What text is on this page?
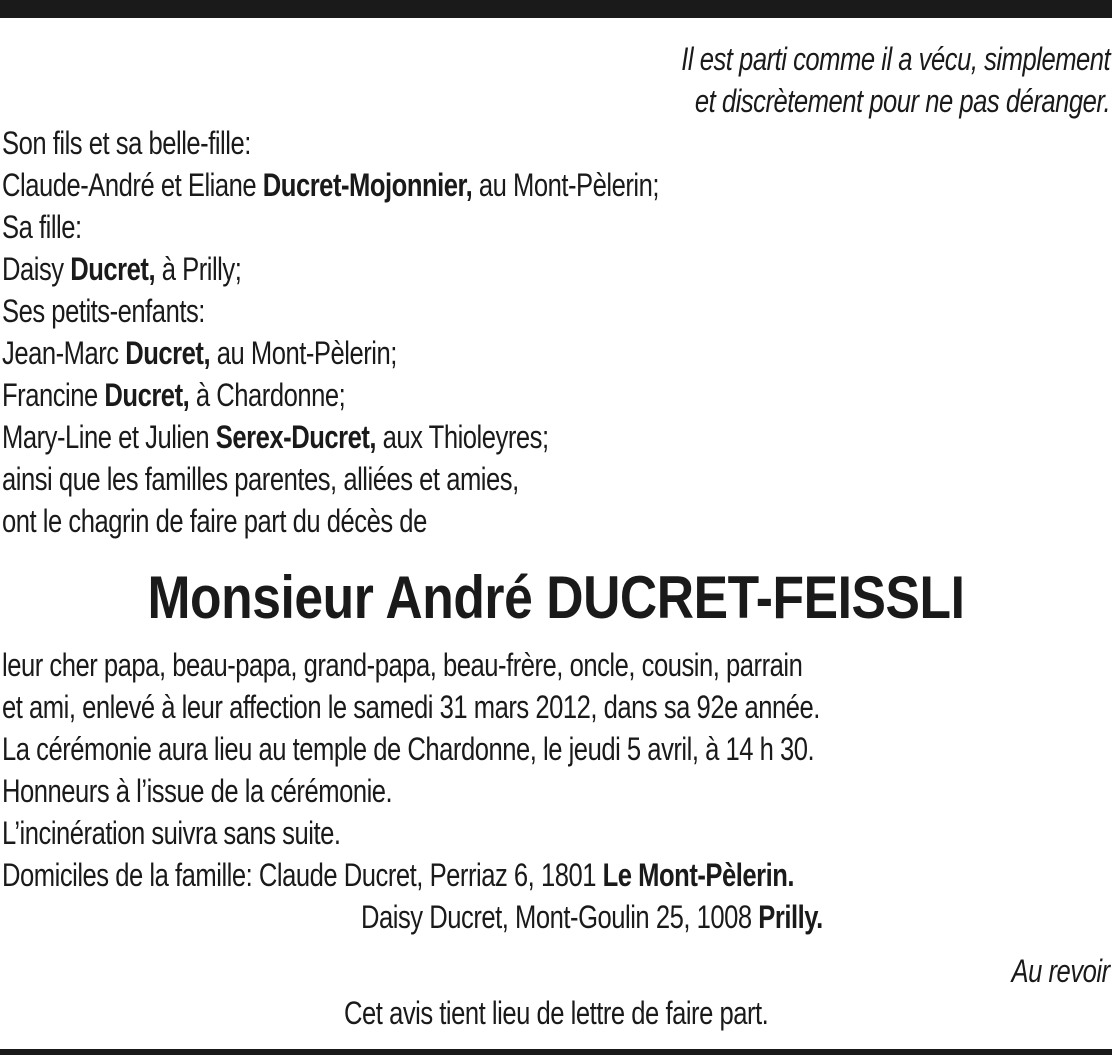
Il est parti comme il a vécu, simplement
et discrètement pour ne pas déranger.
Son fils et sa belle-fille:
Claude-André et Eliane Ducret-Mojonnier, au Mont-Pèlerin;
Sa fille:
Daisy Ducret, à Prilly;
Ses petits-enfants:
Jean-Marc Ducret, au Mont-Pèlerin;
Francine Ducret, à Chardonne;
Mary-Line et Julien Serex-Ducret, aux Thioleyres;
ainsi que les familles parentes, alliées et amies,
ont le chagrin de faire part du décès de
Monsieur André DUCRET-FEISSLI
leur cher papa, beau-papa, grand-papa, beau-frère, oncle, cousin, parrain
et ami, enlevé à leur affection le samedi 31 mars 2012, dans sa 92e année.
La cérémonie aura lieu au temple de Chardonne, le jeudi 5 avril, à 14 h 30.
Honneurs à l’issue de la cérémonie.
L’incinération suivra sans suite.
Domiciles de la famille: Claude Ducret, Perriaz 6, 1801 Le Mont-Pèlerin.
Daisy Ducret, Mont-Goulin 25, 1008 Prilly.
Au revoir
Cet avis tient lieu de lettre de faire part.
